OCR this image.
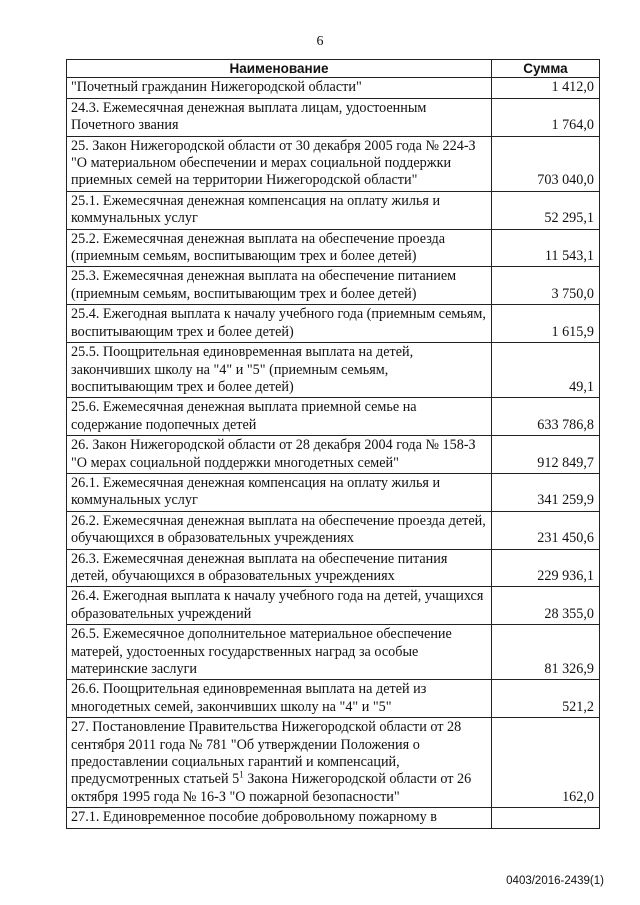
6
Наименование	Сумма
"Почетный гражданин Нижегородской области"	1 412,0
24.3. Ежемесячная денежная выплата лицам, удостоенным Почетного звания	1 764,0
25. Закон Нижегородской области от 30 декабря 2005 года № 224-З "О материальном обеспечении и мерах социальной поддержки приемных семей на территории Нижегородской области"	703 040,0
25.1. Ежемесячная денежная компенсация на оплату жилья и коммунальных услуг	52 295,1
25.2. Ежемесячная денежная выплата на обеспечение проезда (приемным семьям, воспитывающим трех и более детей)	11 543,1
25.3. Ежемесячная денежная выплата на обеспечение питанием (приемным семьям, воспитывающим трех и более детей)	3 750,0
25.4. Ежегодная выплата к началу учебного года (приемным семьям, воспитывающим трех и более детей)	1 615,9
25.5. Поощрительная единовременная выплата на детей, закончивших школу на "4" и "5" (приемным семьям, воспитывающим трех и более детей)	49,1
25.6. Ежемесячная денежная выплата приемной семье на содержание подопечных детей	633 786,8
26. Закон Нижегородской области от 28 декабря 2004 года № 158-З "О мерах социальной поддержки многодетных семей"	912 849,7
26.1. Ежемесячная денежная компенсация на оплату жилья и коммунальных услуг	341 259,9
26.2. Ежемесячная денежная выплата на обеспечение проезда детей, обучающихся в образовательных учреждениях	231 450,6
26.3. Ежемесячная денежная выплата на обеспечение питания детей, обучающихся в образовательных учреждениях	229 936,1
26.4. Ежегодная выплата к началу учебного года на детей, учащихся образовательных учреждений	28 355,0
26.5. Ежемесячное дополнительное материальное обеспечение матерей, удостоенных государственных наград за особые материнские заслуги	81 326,9
26.6. Поощрительная единовременная выплата на детей из многодетных семей, закончивших школу на "4" и "5"	521,2
27. Постановление Правительства Нижегородской области от 28 сентября 2011 года № 781 "Об утверждении Положения о предоставлении социальных гарантий и компенсаций, предусмотренных статьей $5^1$ Закона Нижегородской области от 26 октября 1995 года № 16-З "О пожарной безопасности"	162,0
27.1. Единовременное пособие добровольному пожарному в	
0403/2016-2439(1)
